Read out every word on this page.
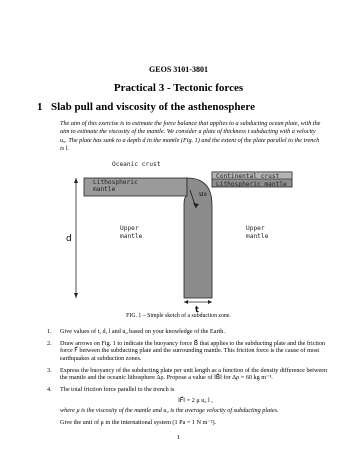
GEOS 3101-3801
Practical 3 - Tectonic forces
1 Slab pull and viscosity of the asthenosphere
The aim of this exercise is to estimate the force balance that applies to a subducting ocean plate, with the aim to estimate the viscosity of the mantle. We consider a plate of thickness t subducting with a velocity u₀. The plate has sunk to a depth d in the mantle (Fig. 1) and the extent of the plate parallel to the trench is l.
Oceanic crust
Lithospheric mantle
Continental crust
Lithospheric mantle
Upper mantle
Upper mantle
u₀
d
t
FIG. 1 – Simple sketch of a subduction zone.
1. Give values of t, d, l and u₀ based on your knowledge of the Earth.
2. Draw arrows on Fig. 1 to indicate the buoyancy force B⃗ that applies to the subducting plate and the friction force F⃗ between the subducting plate and the surrounding mantle. This friction force is the cause of most earthquakes at subduction zones.
3. Express the buoyancy of the subducting plate per unit length as a function of the density difference between the mantle and the oceanic lithosphere Δρ. Propose a value of ‖B⃗‖ for Δρ = 60 kg m⁻³.
4. The total friction force parallel to the trench is
‖F⃗‖ = 2 μ u₀ l ,
where μ is the viscosity of the mantle and u₀ is the average velocity of subducting plates.
Give the unit of μ in the international system (1 Pa = 1 N m⁻²).
1
